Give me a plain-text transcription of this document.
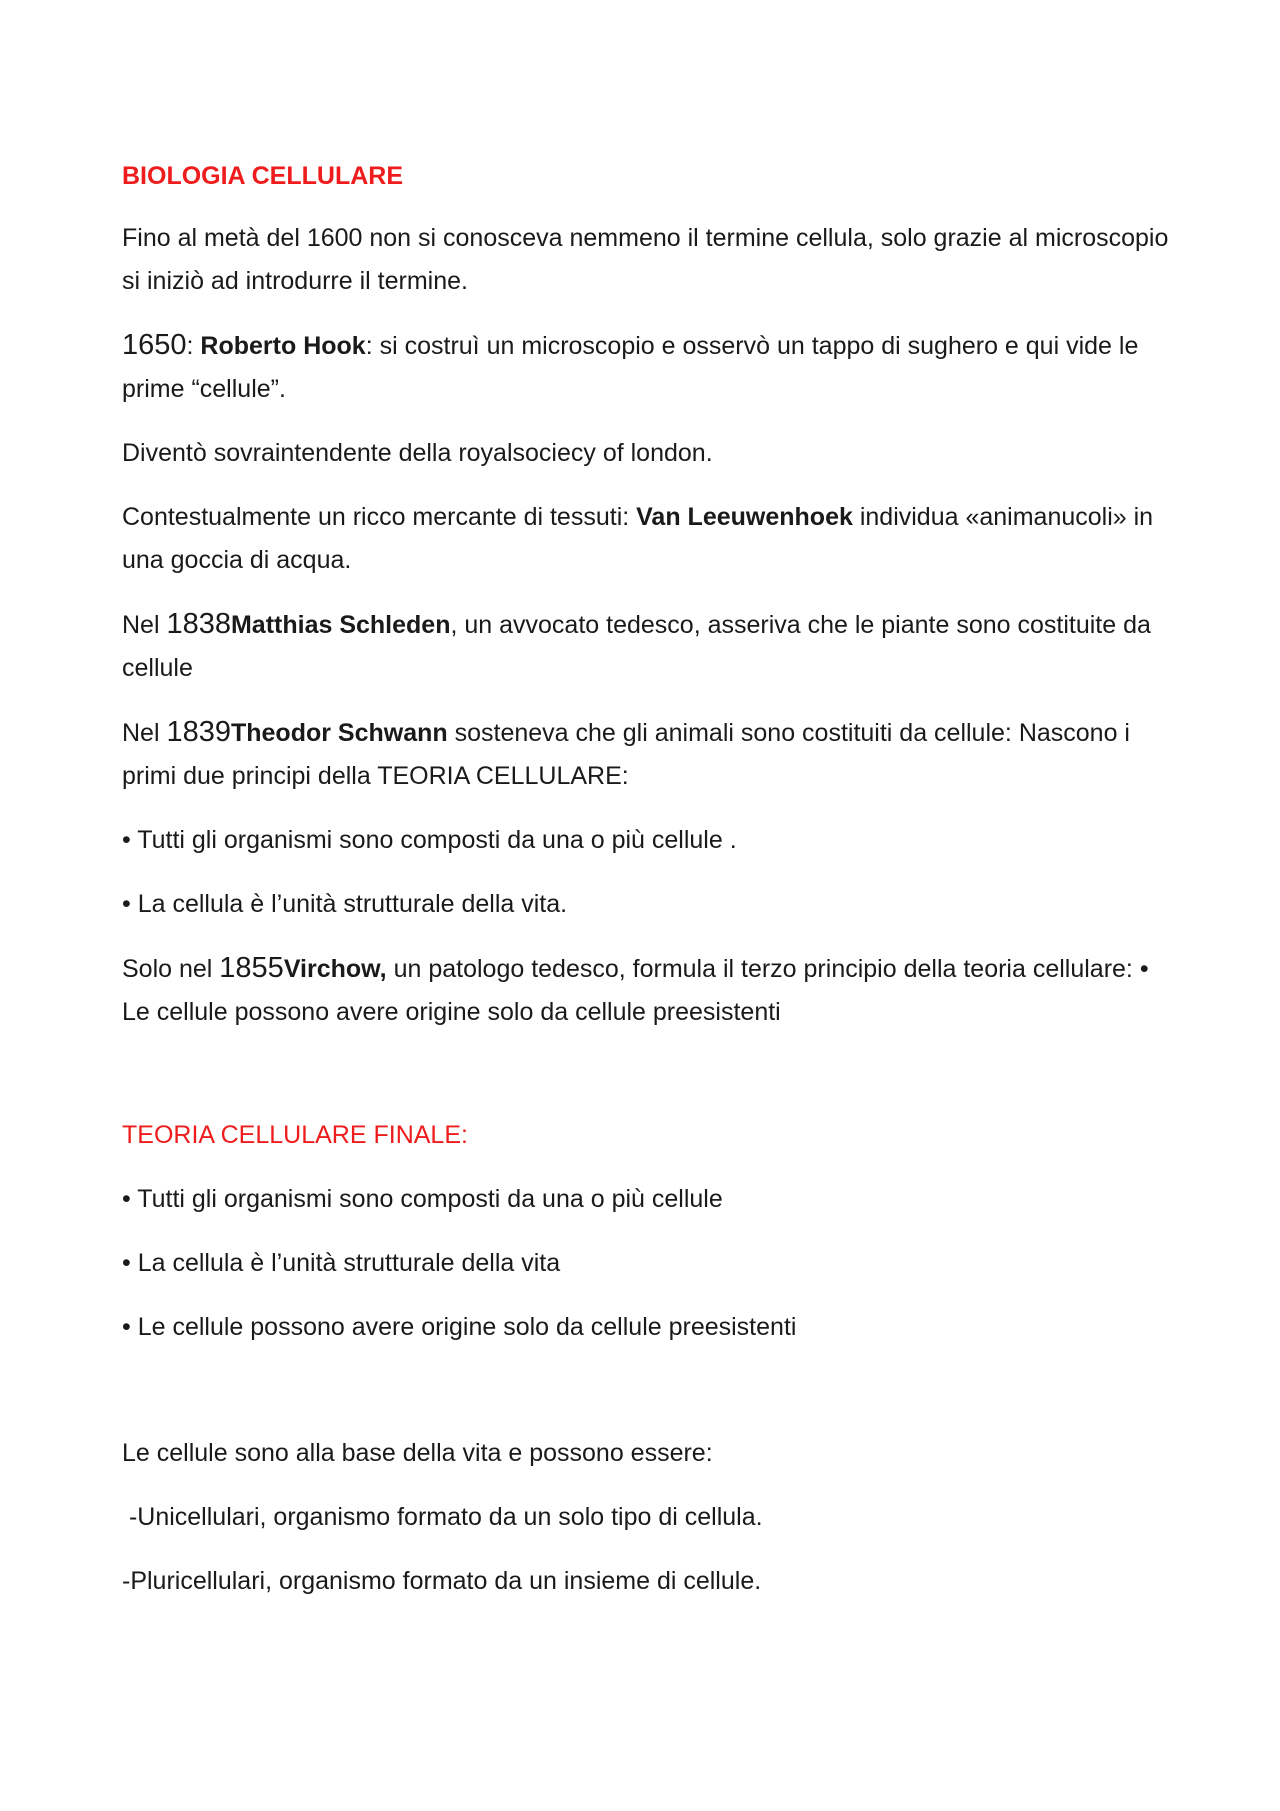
BIOLOGIA CELLULARE

Fino al metà del 1600 non si conosceva nemmeno il termine cellula, solo grazie al microscopio si iniziò ad introdurre il termine.

1650: Roberto Hook: si costruì un microscopio e osservò un tappo di sughero e qui vide le prime “cellule”.

Diventò sovraintendente della royalsociecy of london.

Contestualmente un ricco mercante di tessuti: Van Leeuwenhoek individua «animanucoli» in una goccia di acqua.

Nel 1838Matthias Schleden, un avvocato tedesco, asseriva che le piante sono costituite da cellule

Nel 1839Theodor Schwann sosteneva che gli animali sono costituiti da cellule: Nascono i primi due principi della TEORIA CELLULARE:

• Tutti gli organismi sono composti da una o più cellule .

• La cellula è l’unità strutturale della vita.

Solo nel 1855Virchow, un patologo tedesco, formula il terzo principio della teoria cellulare: • Le cellule possono avere origine solo da cellule preesistenti

TEORIA CELLULARE FINALE:

• Tutti gli organismi sono composti da una o più cellule

• La cellula è l’unità strutturale della vita

• Le cellule possono avere origine solo da cellule preesistenti

Le cellule sono alla base della vita e possono essere:

-Unicellulari, organismo formato da un solo tipo di cellula.

-Pluricellulari, organismo formato da un insieme di cellule.
